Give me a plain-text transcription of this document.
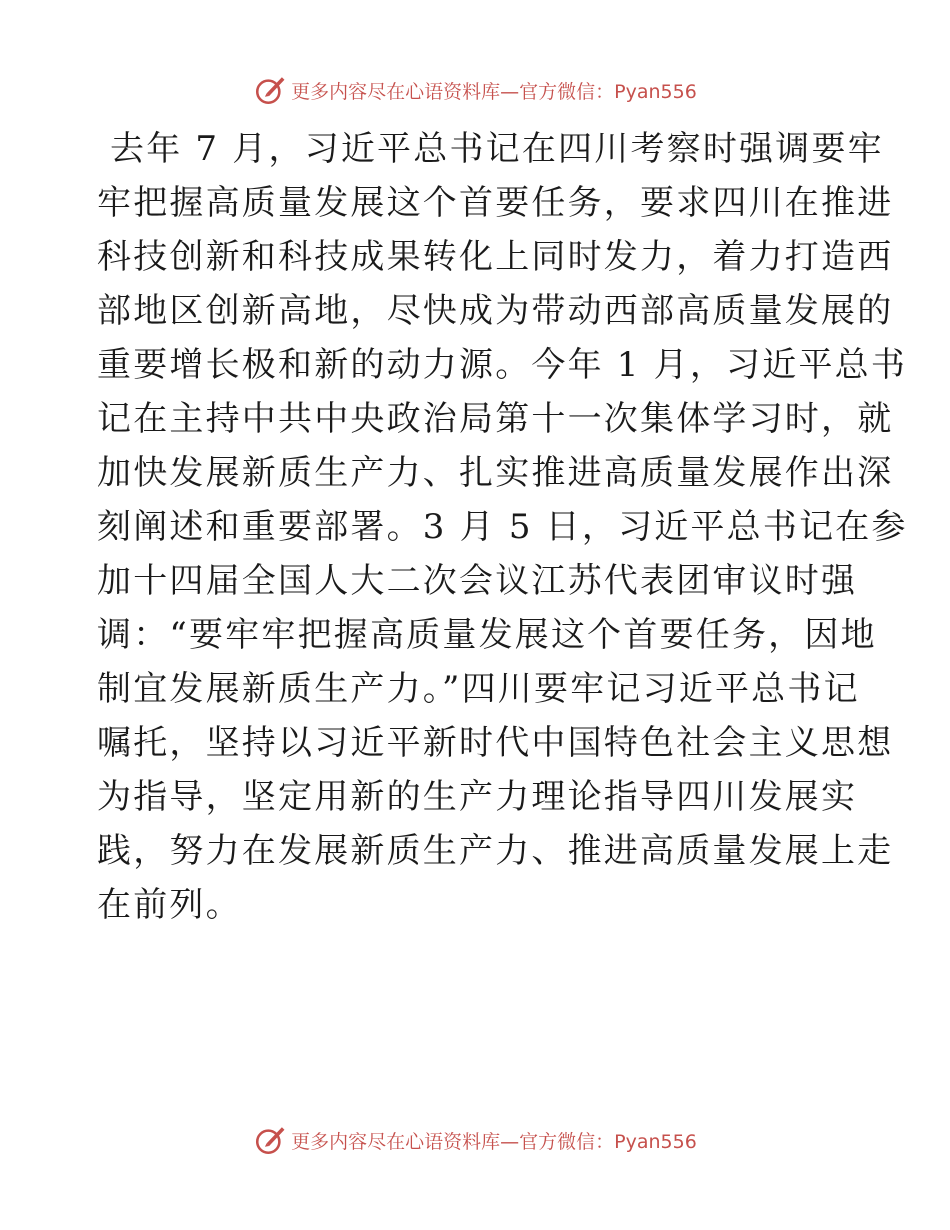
更多内容尽在心语资料库—官方微信：Pyan556
去年 7 月，习近平总书记在四川考察时强调要牢
牢把握高质量发展这个首要任务，要求四川在推进
科技创新和科技成果转化上同时发力，着力打造西
部地区创新高地，尽快成为带动西部高质量发展的
重要增长极和新的动力源。今年 1 月，习近平总书
记在主持中共中央政治局第十一次集体学习时，就
加快发展新质生产力、扎实推进高质量发展作出深
刻阐述和重要部署。3 月 5 日，习近平总书记在参
加十四届全国人大二次会议江苏代表团审议时强
调：“要牢牢把握高质量发展这个首要任务，因地
制宜发展新质生产力。”四川要牢记习近平总书记
嘱托，坚持以习近平新时代中国特色社会主义思想
为指导，坚定用新的生产力理论指导四川发展实
践，努力在发展新质生产力、推进高质量发展上走
在前列。
更多内容尽在心语资料库—官方微信：Pyan556
